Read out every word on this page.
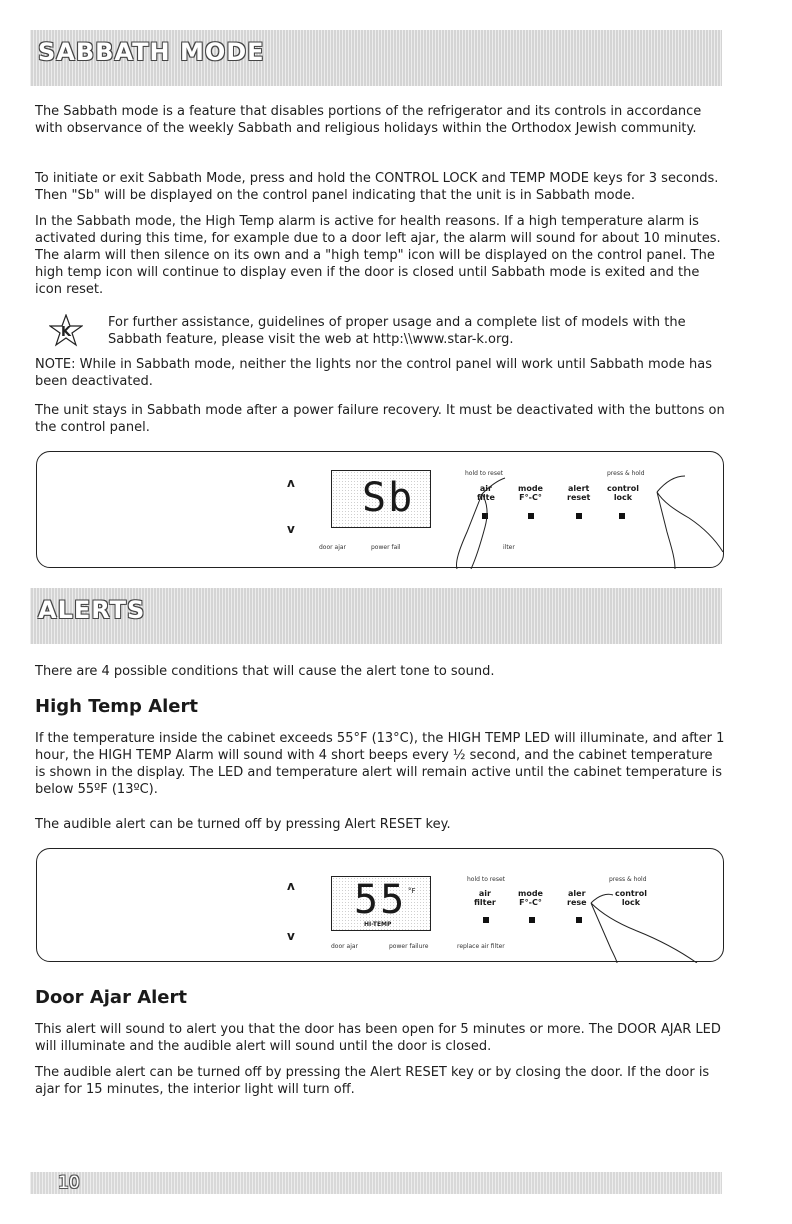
SABBATH MODE

The Sabbath mode is a feature that disables portions of the refrigerator and its controls in accordance with observance of the weekly Sabbath and religious holidays within the Orthodox Jewish community.

To initiate or exit Sabbath Mode, press and hold the CONTROL LOCK and TEMP MODE keys for 3 seconds. Then "Sb" will be displayed on the control panel indicating that the unit is in Sabbath mode.

In the Sabbath mode, the High Temp alarm is active for health reasons. If a high temperature alarm is activated during this time, for example due to a door left ajar, the alarm will sound for about 10 minutes. The alarm will then silence on its own and a "high temp" icon will be displayed on the control panel. The high temp icon will continue to display even if the door is closed until Sabbath mode is exited and the icon reset.

K

For further assistance, guidelines of proper usage and a complete list of models with the Sabbath feature, please visit the web at http:\\www.star-k.org.

NOTE: While in Sabbath mode, neither the lights nor the control panel will work until Sabbath mode has been deactivated.

The unit stays in Sabbath mode after a power failure recovery. It must be deactivated with the buttons on the control panel.

ʌ
v
Sb
hold to reset	press & hold
air
filte
mode
F°-C°
alert
reset
control
lock
door ajar	power fail	ilter
ALERTS

There are 4 possible conditions that will cause the alert tone to sound.

High Temp Alert

If the temperature inside the cabinet exceeds 55°F (13°C), the HIGH TEMP LED will illuminate, and after 1 hour, the HIGH TEMP Alarm will sound with 4 short beeps every ½ second, and the cabinet temperature is shown in the display. The LED and temperature alert will remain active until the cabinet temperature is below 55ºF (13ºC).

The audible alert can be turned off by pressing Alert RESET key.

ʌ
v
55 °F
HI-TEMP
hold to reset	press & hold
air
filter
mode
F°-C°
aler
rese
control
lock
door ajar	power failure	replace air filter
Door Ajar Alert

This alert will sound to alert you that the door has been open for 5 minutes or more. The DOOR AJAR LED will illuminate and the audible alert will sound until the door is closed.

The audible alert can be turned off by pressing the Alert RESET key or by closing the door. If the door is ajar for 15 minutes, the interior light will turn off.

10
